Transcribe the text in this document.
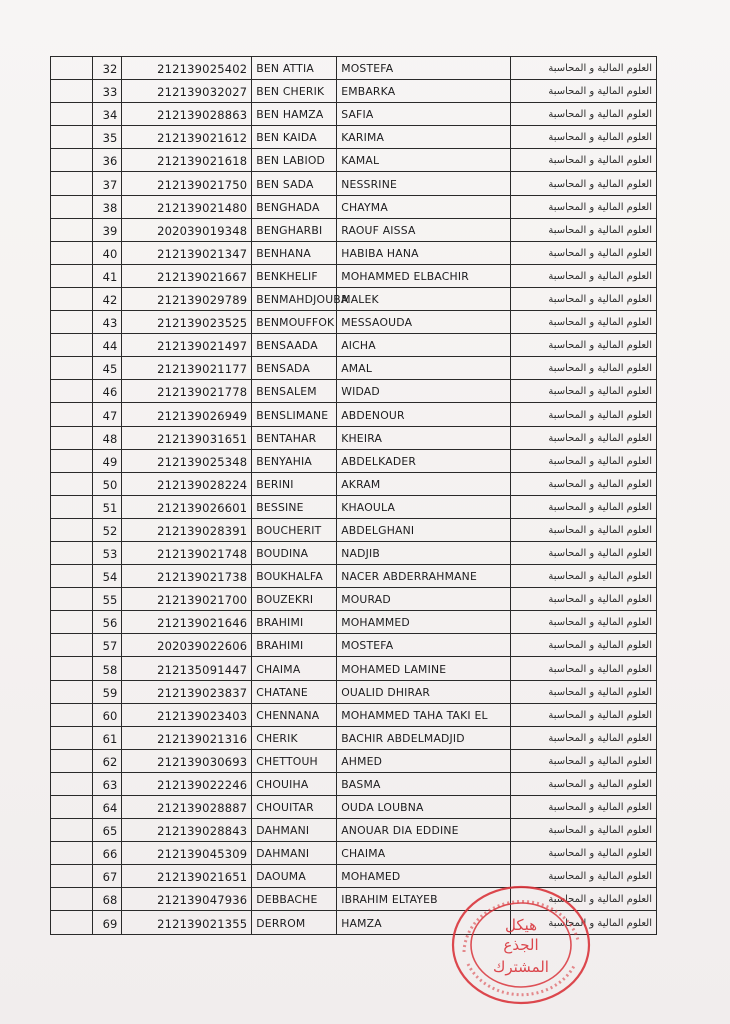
	32	212139025402	BEN ATTIA	MOSTEFA	العلوم المالية و المحاسبة
	33	212139032027	BEN CHERIK	EMBARKA	العلوم المالية و المحاسبة
	34	212139028863	BEN HAMZA	SAFIA	العلوم المالية و المحاسبة
	35	212139021612	BEN KAIDA	KARIMA	العلوم المالية و المحاسبة
	36	212139021618	BEN LABIOD	KAMAL	العلوم المالية و المحاسبة
	37	212139021750	BEN SADA	NESSRINE	العلوم المالية و المحاسبة
	38	212139021480	BENGHADA	CHAYMA	العلوم المالية و المحاسبة
	39	202039019348	BENGHARBI	RAOUF AISSA	العلوم المالية و المحاسبة
	40	212139021347	BENHANA	HABIBA HANA	العلوم المالية و المحاسبة
	41	212139021667	BENKHELIF	MOHAMMED ELBACHIR	العلوم المالية و المحاسبة
	42	212139029789	BENMAHDJOUBA	MALEK	العلوم المالية و المحاسبة
	43	212139023525	BENMOUFFOK	MESSAOUDA	العلوم المالية و المحاسبة
	44	212139021497	BENSAADA	AICHA	العلوم المالية و المحاسبة
	45	212139021177	BENSADA	AMAL	العلوم المالية و المحاسبة
	46	212139021778	BENSALEM	WIDAD	العلوم المالية و المحاسبة
	47	212139026949	BENSLIMANE	ABDENOUR	العلوم المالية و المحاسبة
	48	212139031651	BENTAHAR	KHEIRA	العلوم المالية و المحاسبة
	49	212139025348	BENYAHIA	ABDELKADER	العلوم المالية و المحاسبة
	50	212139028224	BERINI	AKRAM	العلوم المالية و المحاسبة
	51	212139026601	BESSINE	KHAOULA	العلوم المالية و المحاسبة
	52	212139028391	BOUCHERIT	ABDELGHANI	العلوم المالية و المحاسبة
	53	212139021748	BOUDINA	NADJIB	العلوم المالية و المحاسبة
	54	212139021738	BOUKHALFA	NACER ABDERRAHMANE	العلوم المالية و المحاسبة
	55	212139021700	BOUZEKRI	MOURAD	العلوم المالية و المحاسبة
	56	212139021646	BRAHIMI	MOHAMMED	العلوم المالية و المحاسبة
	57	202039022606	BRAHIMI	MOSTEFA	العلوم المالية و المحاسبة
	58	212135091447	CHAIMA	MOHAMED LAMINE	العلوم المالية و المحاسبة
	59	212139023837	CHATANE	OUALID DHIRAR	العلوم المالية و المحاسبة
	60	212139023403	CHENNANA	MOHAMMED TAHA TAKI EL	العلوم المالية و المحاسبة
	61	212139021316	CHERIK	BACHIR ABDELMADJID	العلوم المالية و المحاسبة
	62	212139030693	CHETTOUH	AHMED	العلوم المالية و المحاسبة
	63	212139022246	CHOUIHA	BASMA	العلوم المالية و المحاسبة
	64	212139028887	CHOUITAR	OUDA LOUBNA	العلوم المالية و المحاسبة
	65	212139028843	DAHMANI	ANOUAR DIA EDDINE	العلوم المالية و المحاسبة
	66	212139045309	DAHMANI	CHAIMA	العلوم المالية و المحاسبة
	67	212139021651	DAOUMA	MOHAMED	العلوم المالية و المحاسبة
	68	212139047936	DEBBACHE	IBRAHIM ELTAYEB	العلوم المالية و المحاسبة
	69	212139021355	DERROM	HAMZA	العلوم المالية و المحاسبة
هيكل
الجذع
المشترك
